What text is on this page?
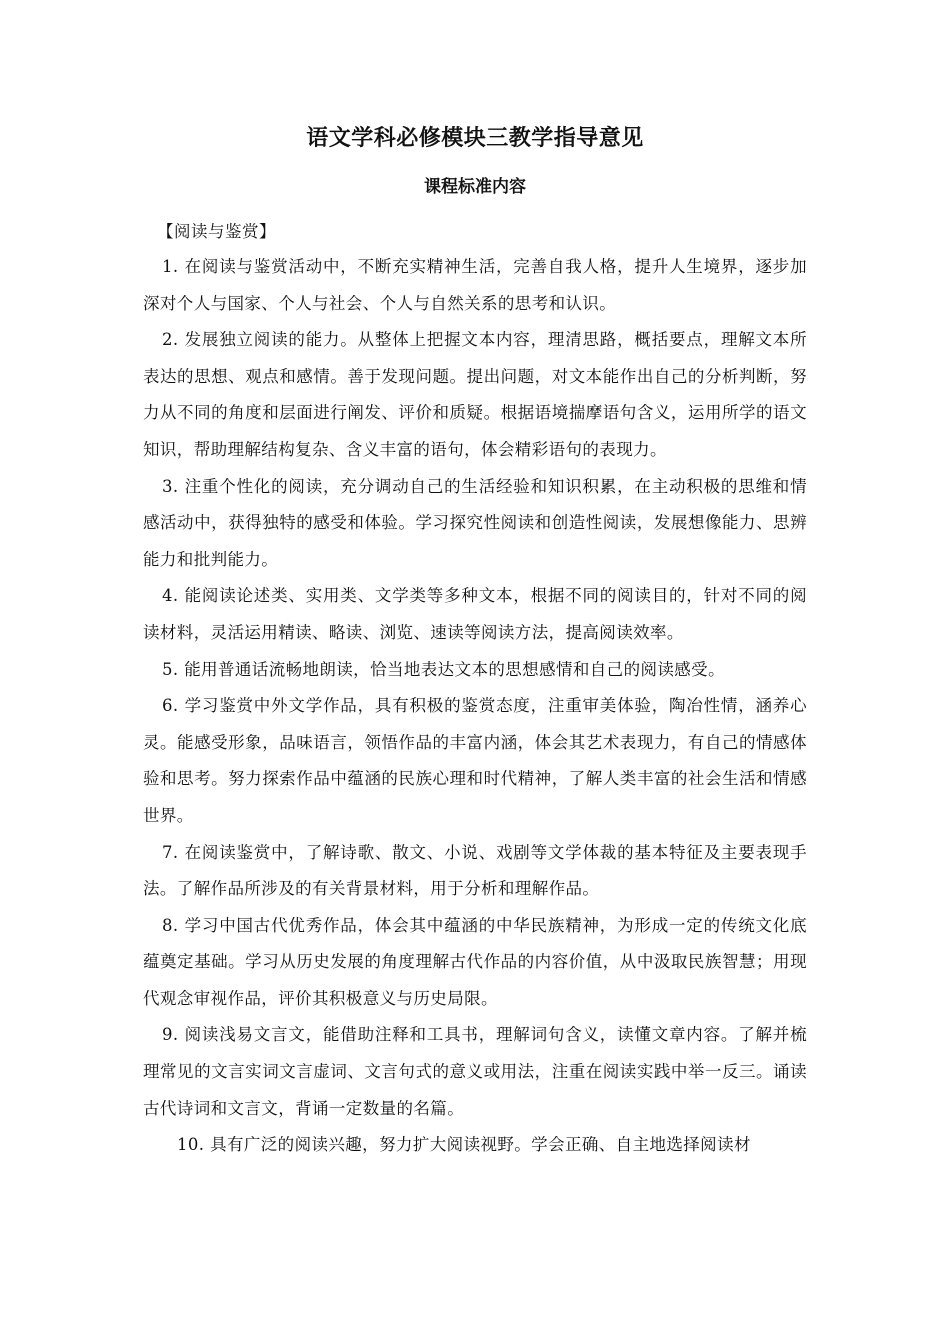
语文学科必修模块三教学指导意见
课程标准内容
【阅读与鉴赏】

1. 在阅读与鉴赏活动中，不断充实精神生活，完善自我人格，提升人生境界，逐步加深对个人与国家、个人与社会、个人与自然关系的思考和认识。

2. 发展独立阅读的能力。从整体上把握文本内容，理清思路，概括要点，理解文本所表达的思想、观点和感情。善于发现问题。提出问题，对文本能作出自己的分析判断，努力从不同的角度和层面进行阐发、评价和质疑。根据语境揣摩语句含义，运用所学的语文知识，帮助理解结构复杂、含义丰富的语句，体会精彩语句的表现力。

3. 注重个性化的阅读，充分调动自己的生活经验和知识积累，在主动积极的思维和情感活动中，获得独特的感受和体验。学习探究性阅读和创造性阅读，发展想像能力、思辨能力和批判能力。

4. 能阅读论述类、实用类、文学类等多种文本，根据不同的阅读目的，针对不同的阅读材料，灵活运用精读、略读、浏览、速读等阅读方法，提高阅读效率。

5. 能用普通话流畅地朗读，恰当地表达文本的思想感情和自己的阅读感受。

6. 学习鉴赏中外文学作品，具有积极的鉴赏态度，注重审美体验，陶冶性情，涵养心灵。能感受形象，品味语言，领悟作品的丰富内涵，体会其艺术表现力，有自己的情感体验和思考。努力探索作品中蕴涵的民族心理和时代精神，了解人类丰富的社会生活和情感世界。

7. 在阅读鉴赏中，了解诗歌、散文、小说、戏剧等文学体裁的基本特征及主要表现手法。了解作品所涉及的有关背景材料，用于分析和理解作品。

8. 学习中国古代优秀作品，体会其中蕴涵的中华民族精神，为形成一定的传统文化底蕴奠定基础。学习从历史发展的角度理解古代作品的内容价值，从中汲取民族智慧；用现代观念审视作品，评价其积极意义与历史局限。

9. 阅读浅易文言文，能借助注释和工具书，理解词句含义，读懂文章内容。了解并梳理常见的文言实词文言虚词、文言句式的意义或用法，注重在阅读实践中举一反三。诵读古代诗词和文言文，背诵一定数量的名篇。

10. 具有广泛的阅读兴趣，努力扩大阅读视野。学会正确、自主地选择阅读材
